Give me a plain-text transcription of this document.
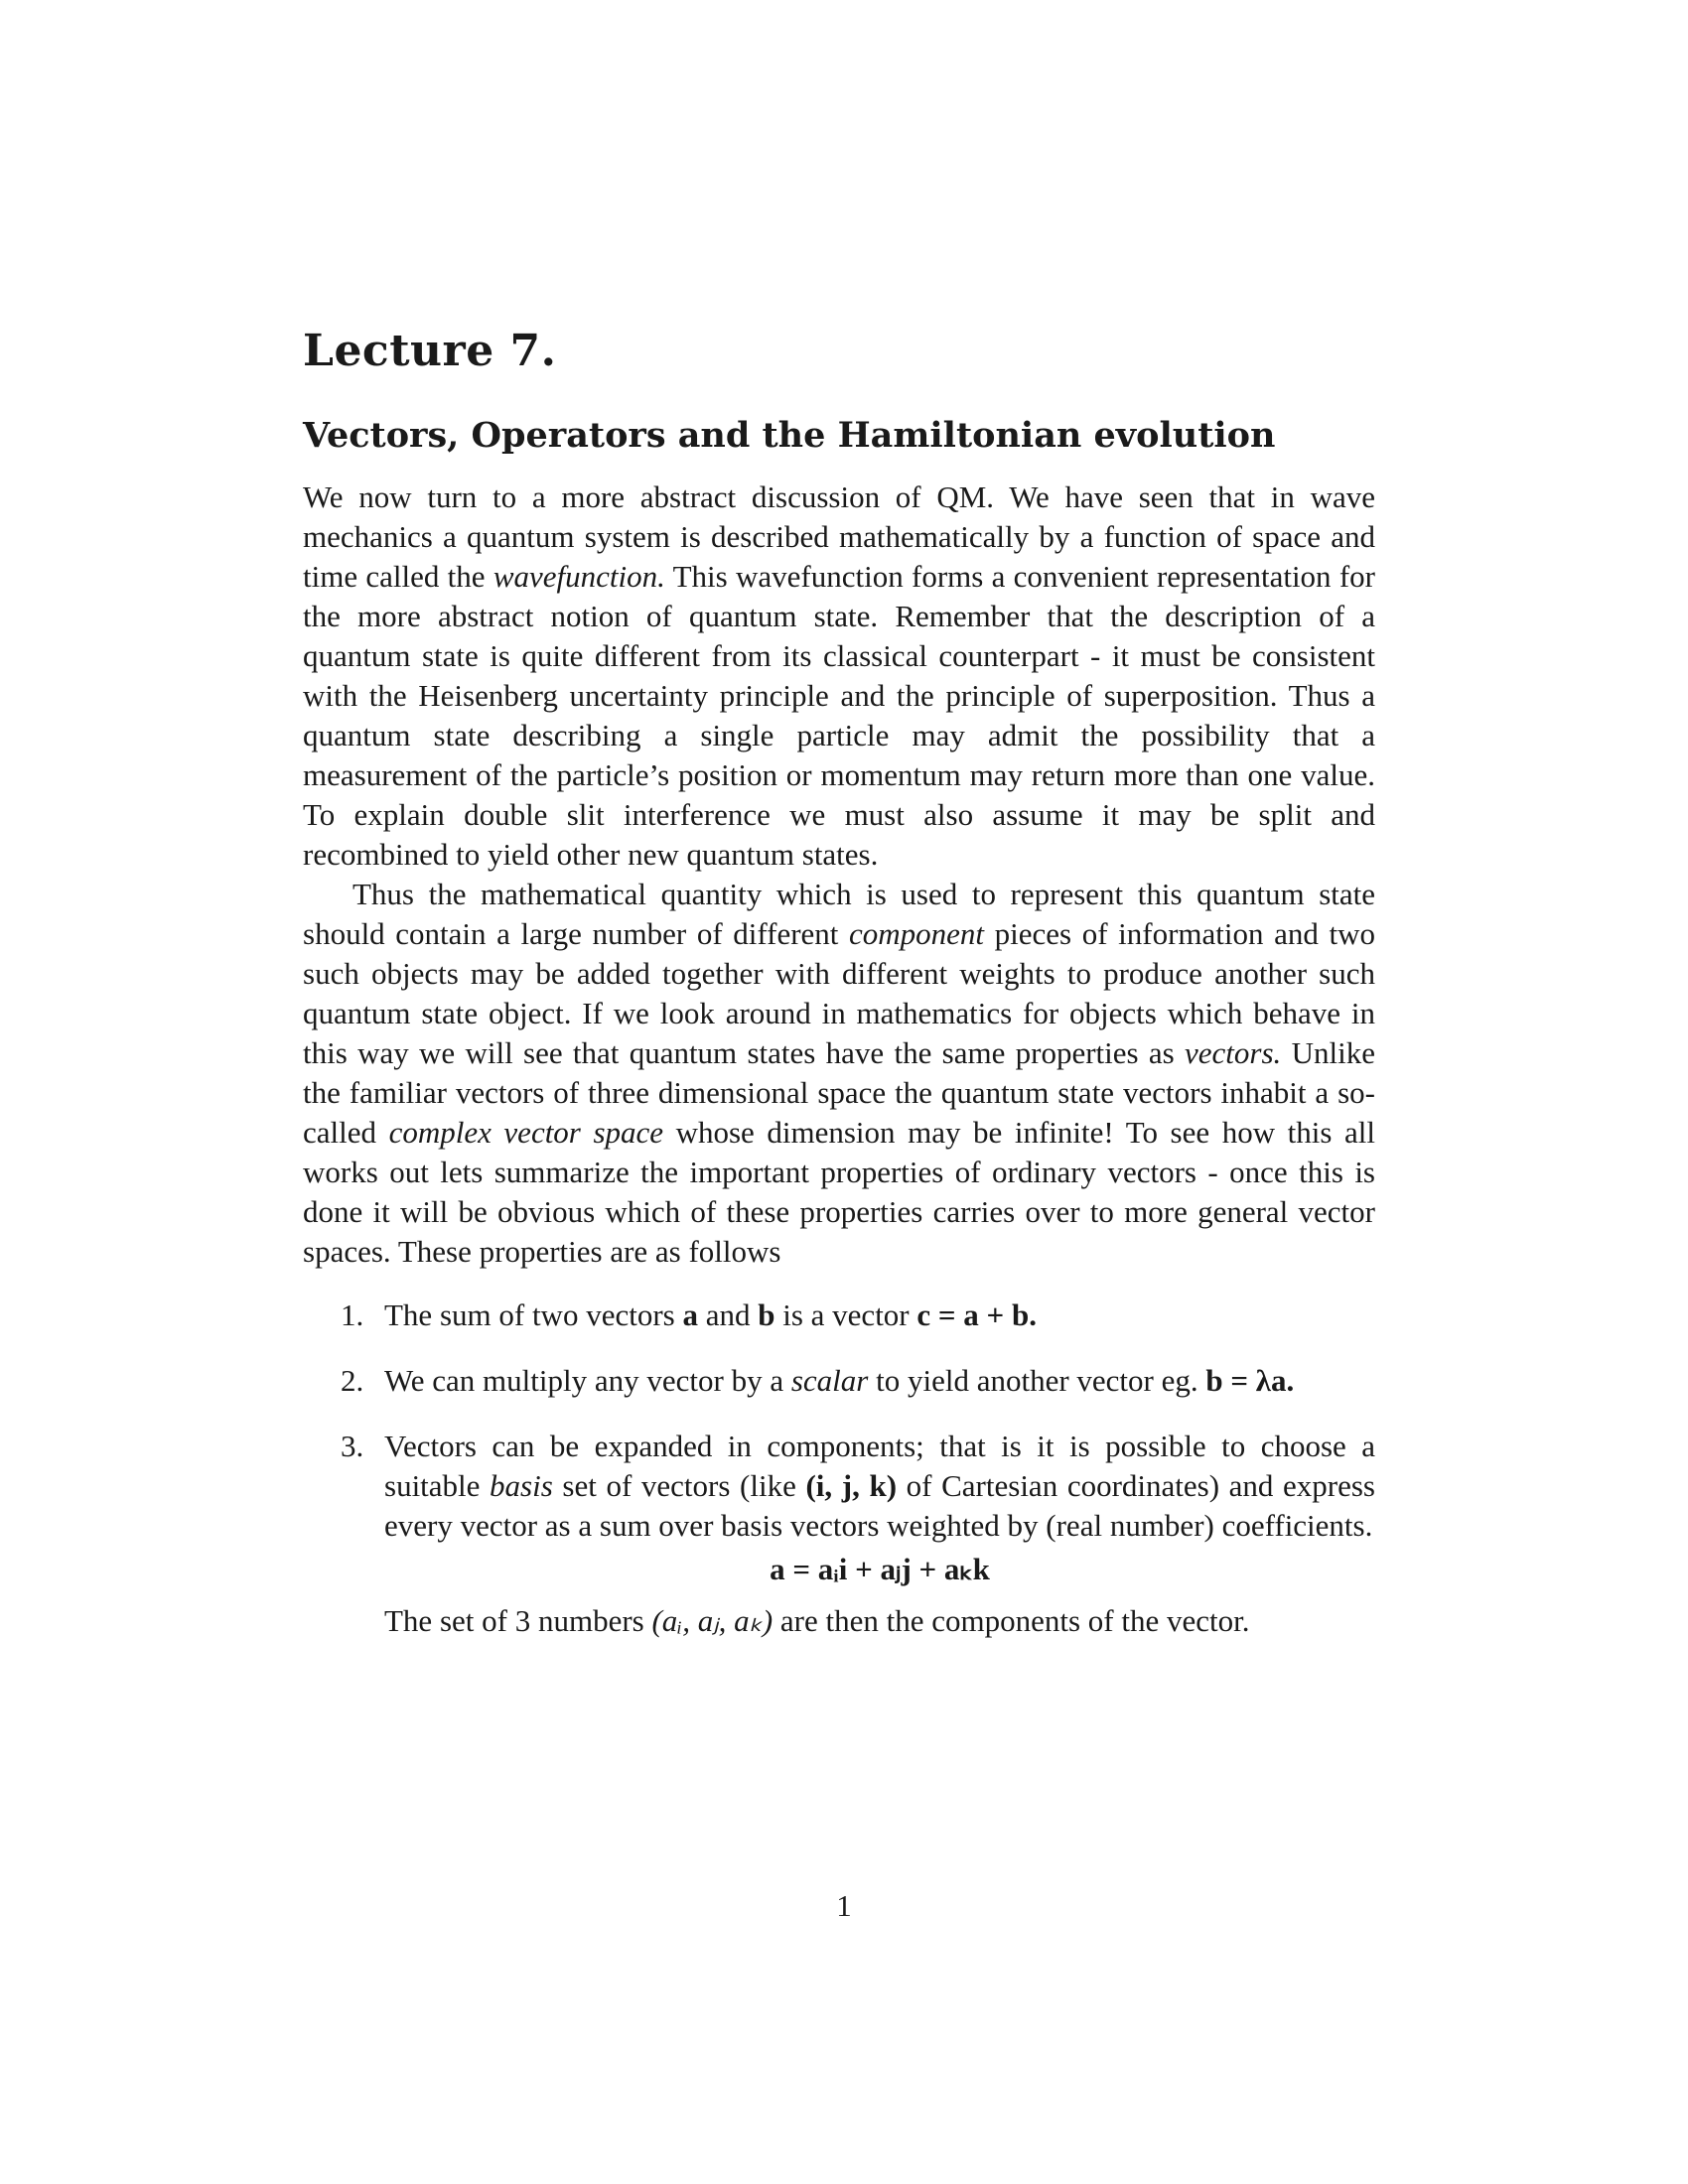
Lecture 7.
Vectors, Operators and the Hamiltonian evolution

We now turn to a more abstract discussion of QM. We have seen that in wave mechanics a quantum system is described mathematically by a function of space and time called the wavefunction. This wavefunction forms a convenient representation for the more abstract notion of quantum state. Remember that the description of a quantum state is quite different from its classical counterpart - it must be consistent with the Heisenberg uncertainty principle and the principle of superposition. Thus a quantum state describing a single particle may admit the possibility that a measurement of the particle’s position or momentum may return more than one value. To explain double slit interference we must also assume it may be split and recombined to yield other new quantum states.

Thus the mathematical quantity which is used to represent this quantum state should contain a large number of different component pieces of information and two such objects may be added together with different weights to produce another such quantum state object. If we look around in mathematics for objects which behave in this way we will see that quantum states have the same properties as vectors. Unlike the familiar vectors of three dimensional space the quantum state vectors inhabit a so-called complex vector space whose dimension may be infinite! To see how this all works out lets summarize the important properties of ordinary vectors - once this is done it will be obvious which of these properties carries over to more general vector spaces. These properties are as follows

1. The sum of two vectors a and b is a vector c = a + b.
2. We can multiply any vector by a scalar to yield another vector eg. b = λa.
3. Vectors can be expanded in components; that is it is possible to choose a suitable basis set of vectors (like (i, j, k) of Cartesian coordinates) and express every vector as a sum over basis vectors weighted by (real number) coefficients.
a = aᵢi + aⱼj + aₖk
The set of 3 numbers (aᵢ, aⱼ, aₖ) are then the components of the vector.
1
